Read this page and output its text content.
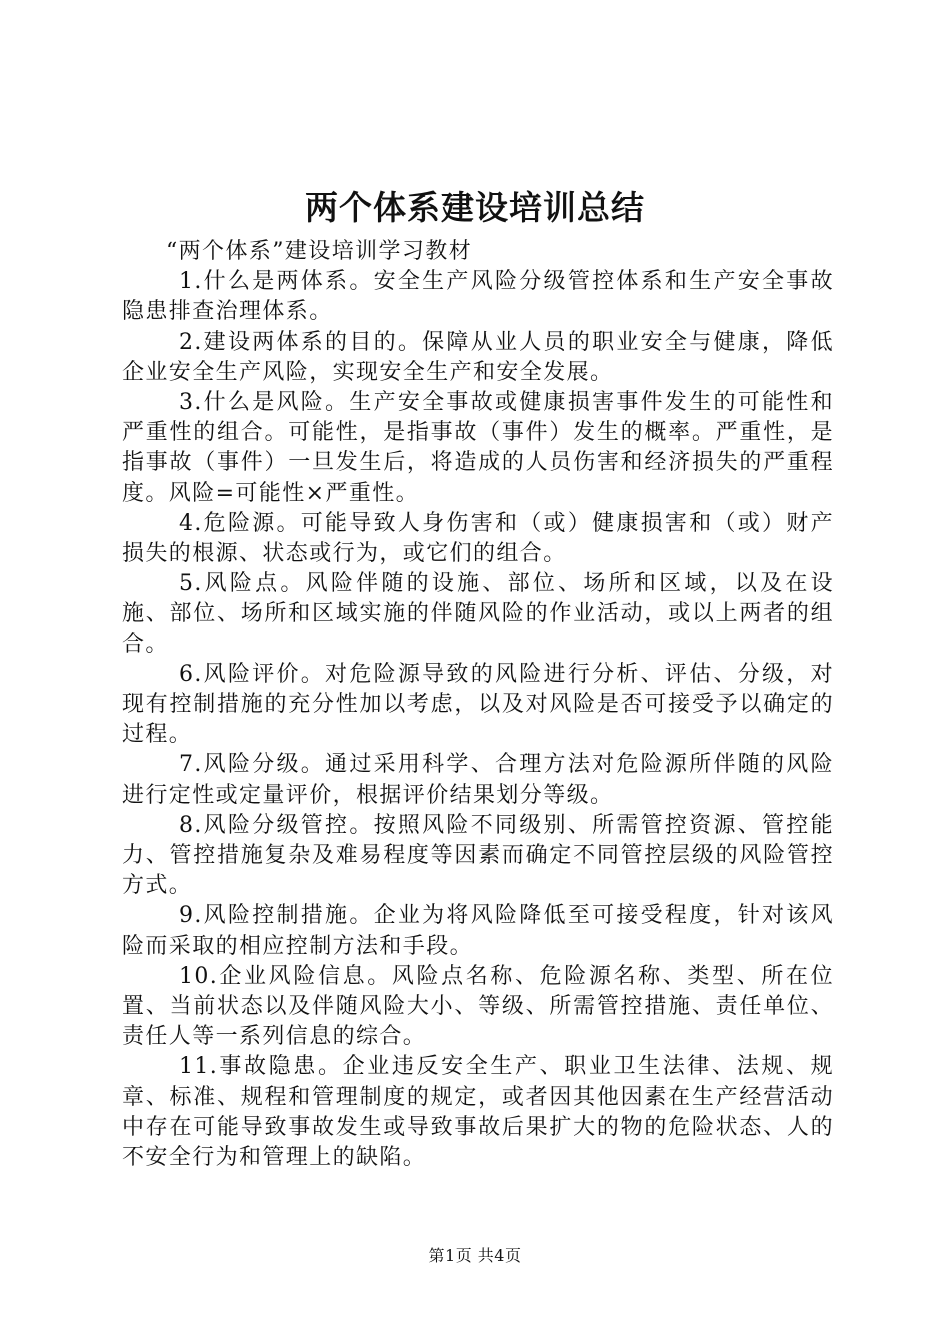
两个体系建设培训总结

“两个体系”建设培训学习教材

1.什么是两体系。安全生产风险分级管控体系和生产安全事故隐患排查治理体系。

2.建设两体系的目的。保障从业人员的职业安全与健康，降低企业安全生产风险，实现安全生产和安全发展。

3.什么是风险。生产安全事故或健康损害事件发生的可能性和严重性的组合。可能性，是指事故（事件）发生的概率。严重性，是指事故（事件）一旦发生后，将造成的人员伤害和经济损失的严重程度。风险=可能性×严重性。

4.危险源。可能导致人身伤害和（或）健康损害和（或）财产损失的根源、状态或行为，或它们的组合。

5.风险点。风险伴随的设施、部位、场所和区域，以及在设施、部位、场所和区域实施的伴随风险的作业活动，或以上两者的组合。

6.风险评价。对危险源导致的风险进行分析、评估、分级，对现有控制措施的充分性加以考虑，以及对风险是否可接受予以确定的过程。

7.风险分级。通过采用科学、合理方法对危险源所伴随的风险进行定性或定量评价，根据评价结果划分等级。

8.风险分级管控。按照风险不同级别、所需管控资源、管控能力、管控措施复杂及难易程度等因素而确定不同管控层级的风险管控方式。

9.风险控制措施。企业为将风险降低至可接受程度，针对该风险而采取的相应控制方法和手段。

10.企业风险信息。风险点名称、危险源名称、类型、所在位置、当前状态以及伴随风险大小、等级、所需管控措施、责任单位、责任人等一系列信息的综合。

11.事故隐患。企业违反安全生产、职业卫生法律、法规、规章、标准、规程和管理制度的规定，或者因其他因素在生产经营活动中存在可能导致事故发生或导致事故后果扩大的物的危险状态、人的不安全行为和管理上的缺陷。

第1页 共4页
